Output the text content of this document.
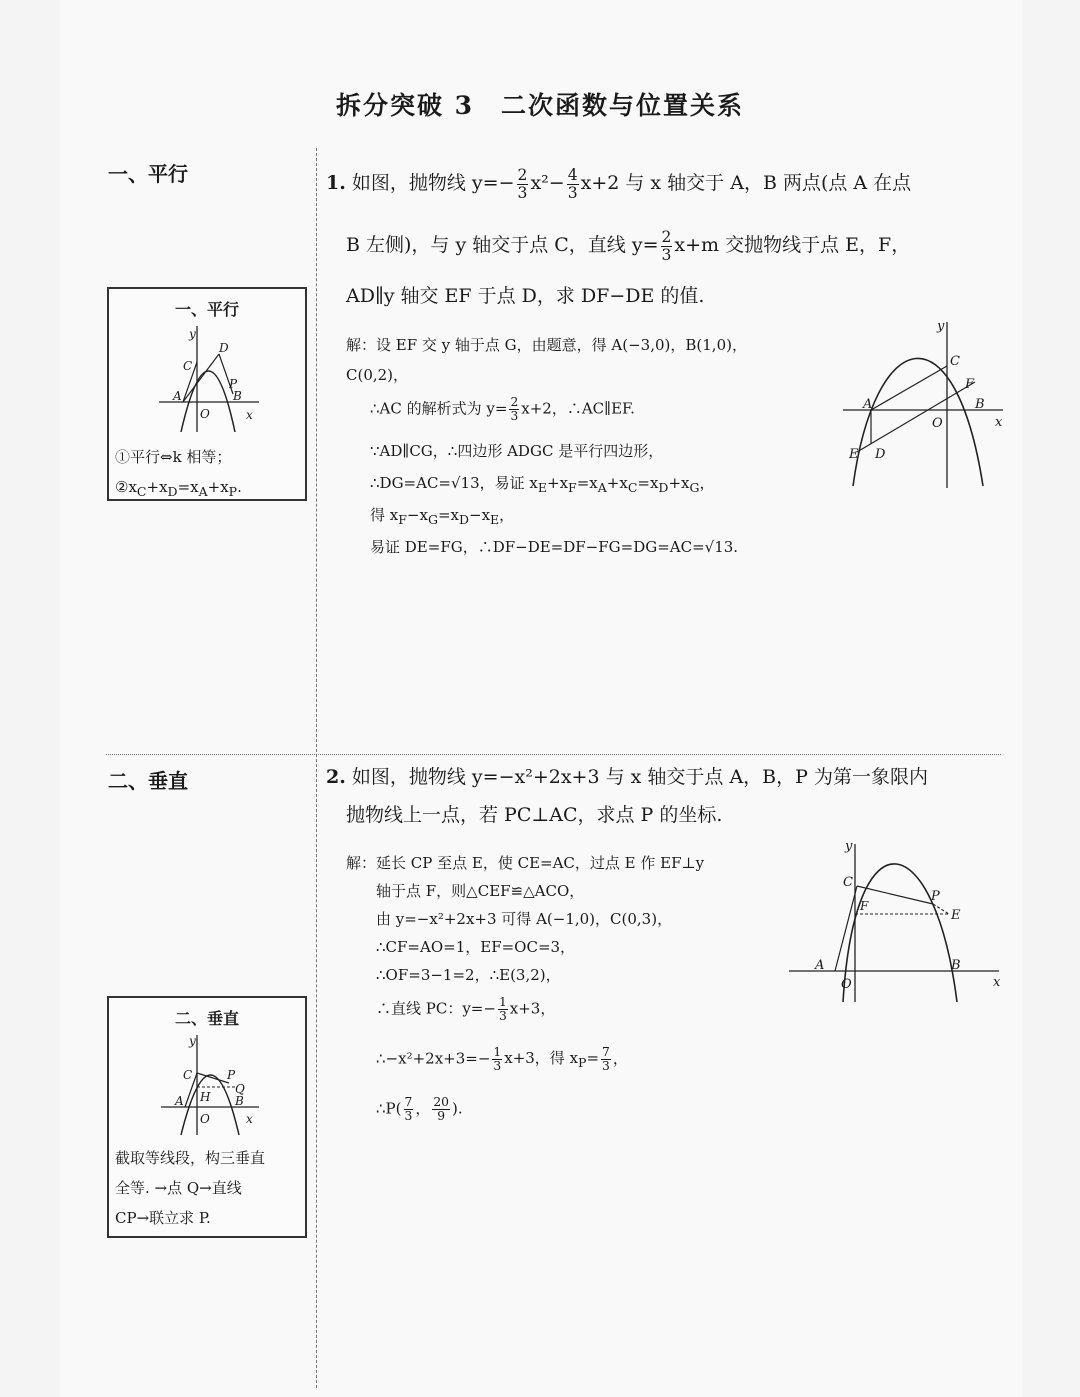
拆分突破 3　二次函数与位置关系
一、平行
一、平行
y
x
O
A	B
C
D
P
①平行⇔k 相等；
$②x_C+x_D=x_A+x_P$.
1. 如图，抛物线 $y=- \frac{2}{3} x^2- \frac{4}{3} x+2$ 与 x 轴交于 A，B 两点(点 A 在点
B 左侧)，与 y 轴交于点 C，直线 $y= \frac{2}{3} x+m$ 交抛物线于点 E，F，
AD∥y 轴交 EF 于点 D，求 DF−DE 的值.
解：设 EF 交 y 轴于点 G，由题意，得 A(−3,0)，B(1,0)，
C(0,2)，
∴AC 的解析式为 $y= \frac{2}{3} x+2$，∴AC∥EF.
∵AD∥CG，∴四边形 ADGC 是平行四边形，
∴DG=AC=√13，易证 $x_E+x_F=x_A+x_C=x_D+x_G$，
得 $x_F-x_G=x_D-x_E$，
易证 DE=FG，∴DF−DE=DF−FG=DG=AC=√13.
y
x
O
A	B
C
F
E D
二、垂直
二、垂直
y
x
O
A	B
C	P
Q
H
截取等线段，构三垂直
全等. →点 Q→直线
CP→联立求 P.
2. 如图，抛物线 y=−x²+2x+3 与 x 轴交于点 A，B，P 为第一象限内
抛物线上一点，若 PC⊥AC，求点 P 的坐标.
解：延长 CP 至点 E，使 CE=AC，过点 E 作 EF⊥y
轴于点 F，则△CEF≌△ACO，
由 y=−x²+2x+3 可得 A(−1,0)，C(0,3)，
∴CF=AO=1，EF=OC=3，
∴OF=3−1=2，∴E(3,2)，
∴直线 PC：$y=- \frac{1}{3} x+3$，
∴−x²+2x+3=− $\frac{1}{3} x+3$，得 $x_P= \frac{7}{3}$ ，
∴P( $\frac{7}{3}$ ， $\frac{20}{9}$ ).
y
x
O
A	B
C
P
F
E
